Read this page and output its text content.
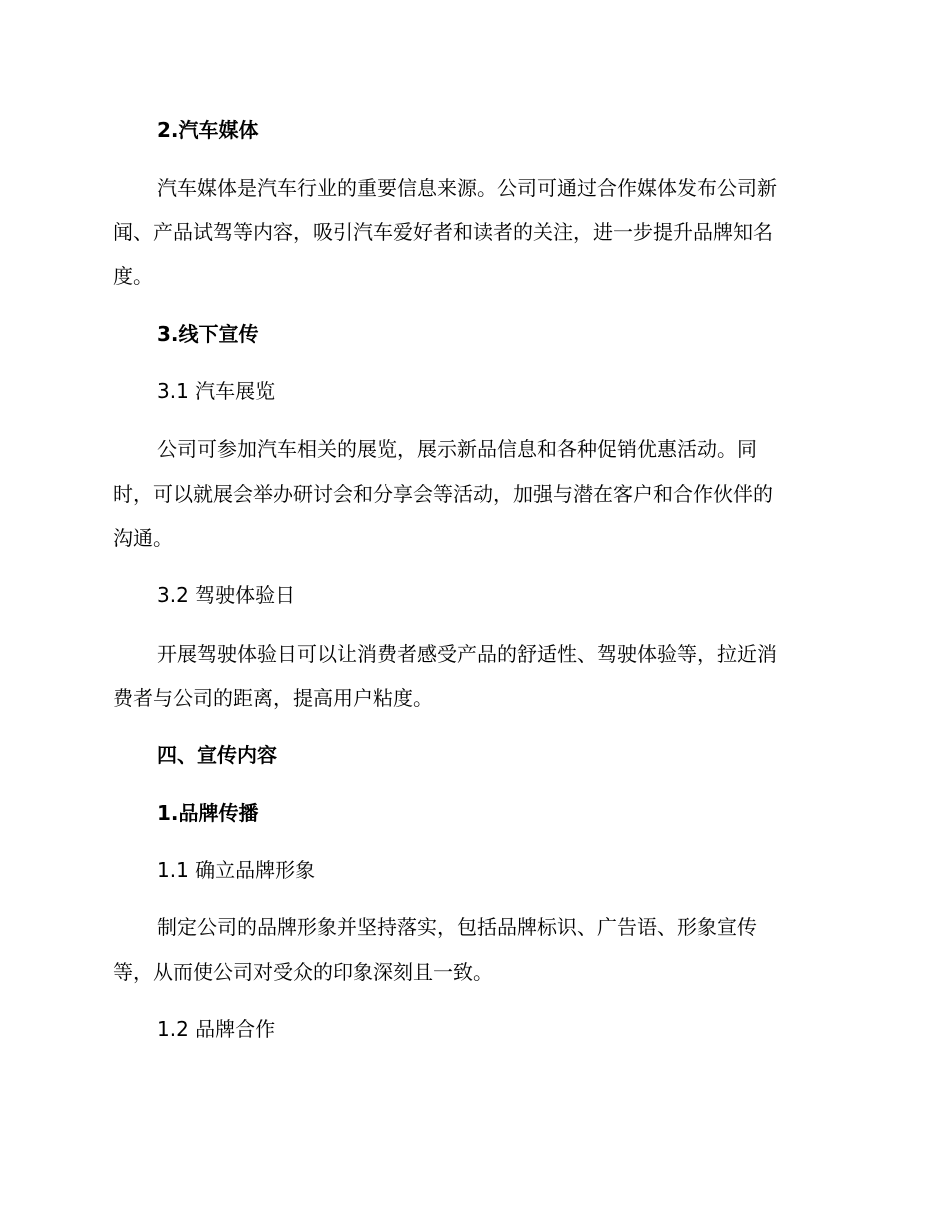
2.汽车媒体
汽车媒体是汽车行业的重要信息来源。公司可通过合作媒体发布公司新
闻、产品试驾等内容，吸引汽车爱好者和读者的关注，进一步提升品牌知名
度。
3.线下宣传
3.1 汽车展览
公司可参加汽车相关的展览，展示新品信息和各种促销优惠活动。同
时，可以就展会举办研讨会和分享会等活动，加强与潜在客户和合作伙伴的
沟通。
3.2 驾驶体验日
开展驾驶体验日可以让消费者感受产品的舒适性、驾驶体验等，拉近消
费者与公司的距离，提高用户粘度。
四、宣传内容
1.品牌传播
1.1 确立品牌形象
制定公司的品牌形象并坚持落实，包括品牌标识、广告语、形象宣传
等，从而使公司对受众的印象深刻且一致。
1.2 品牌合作
